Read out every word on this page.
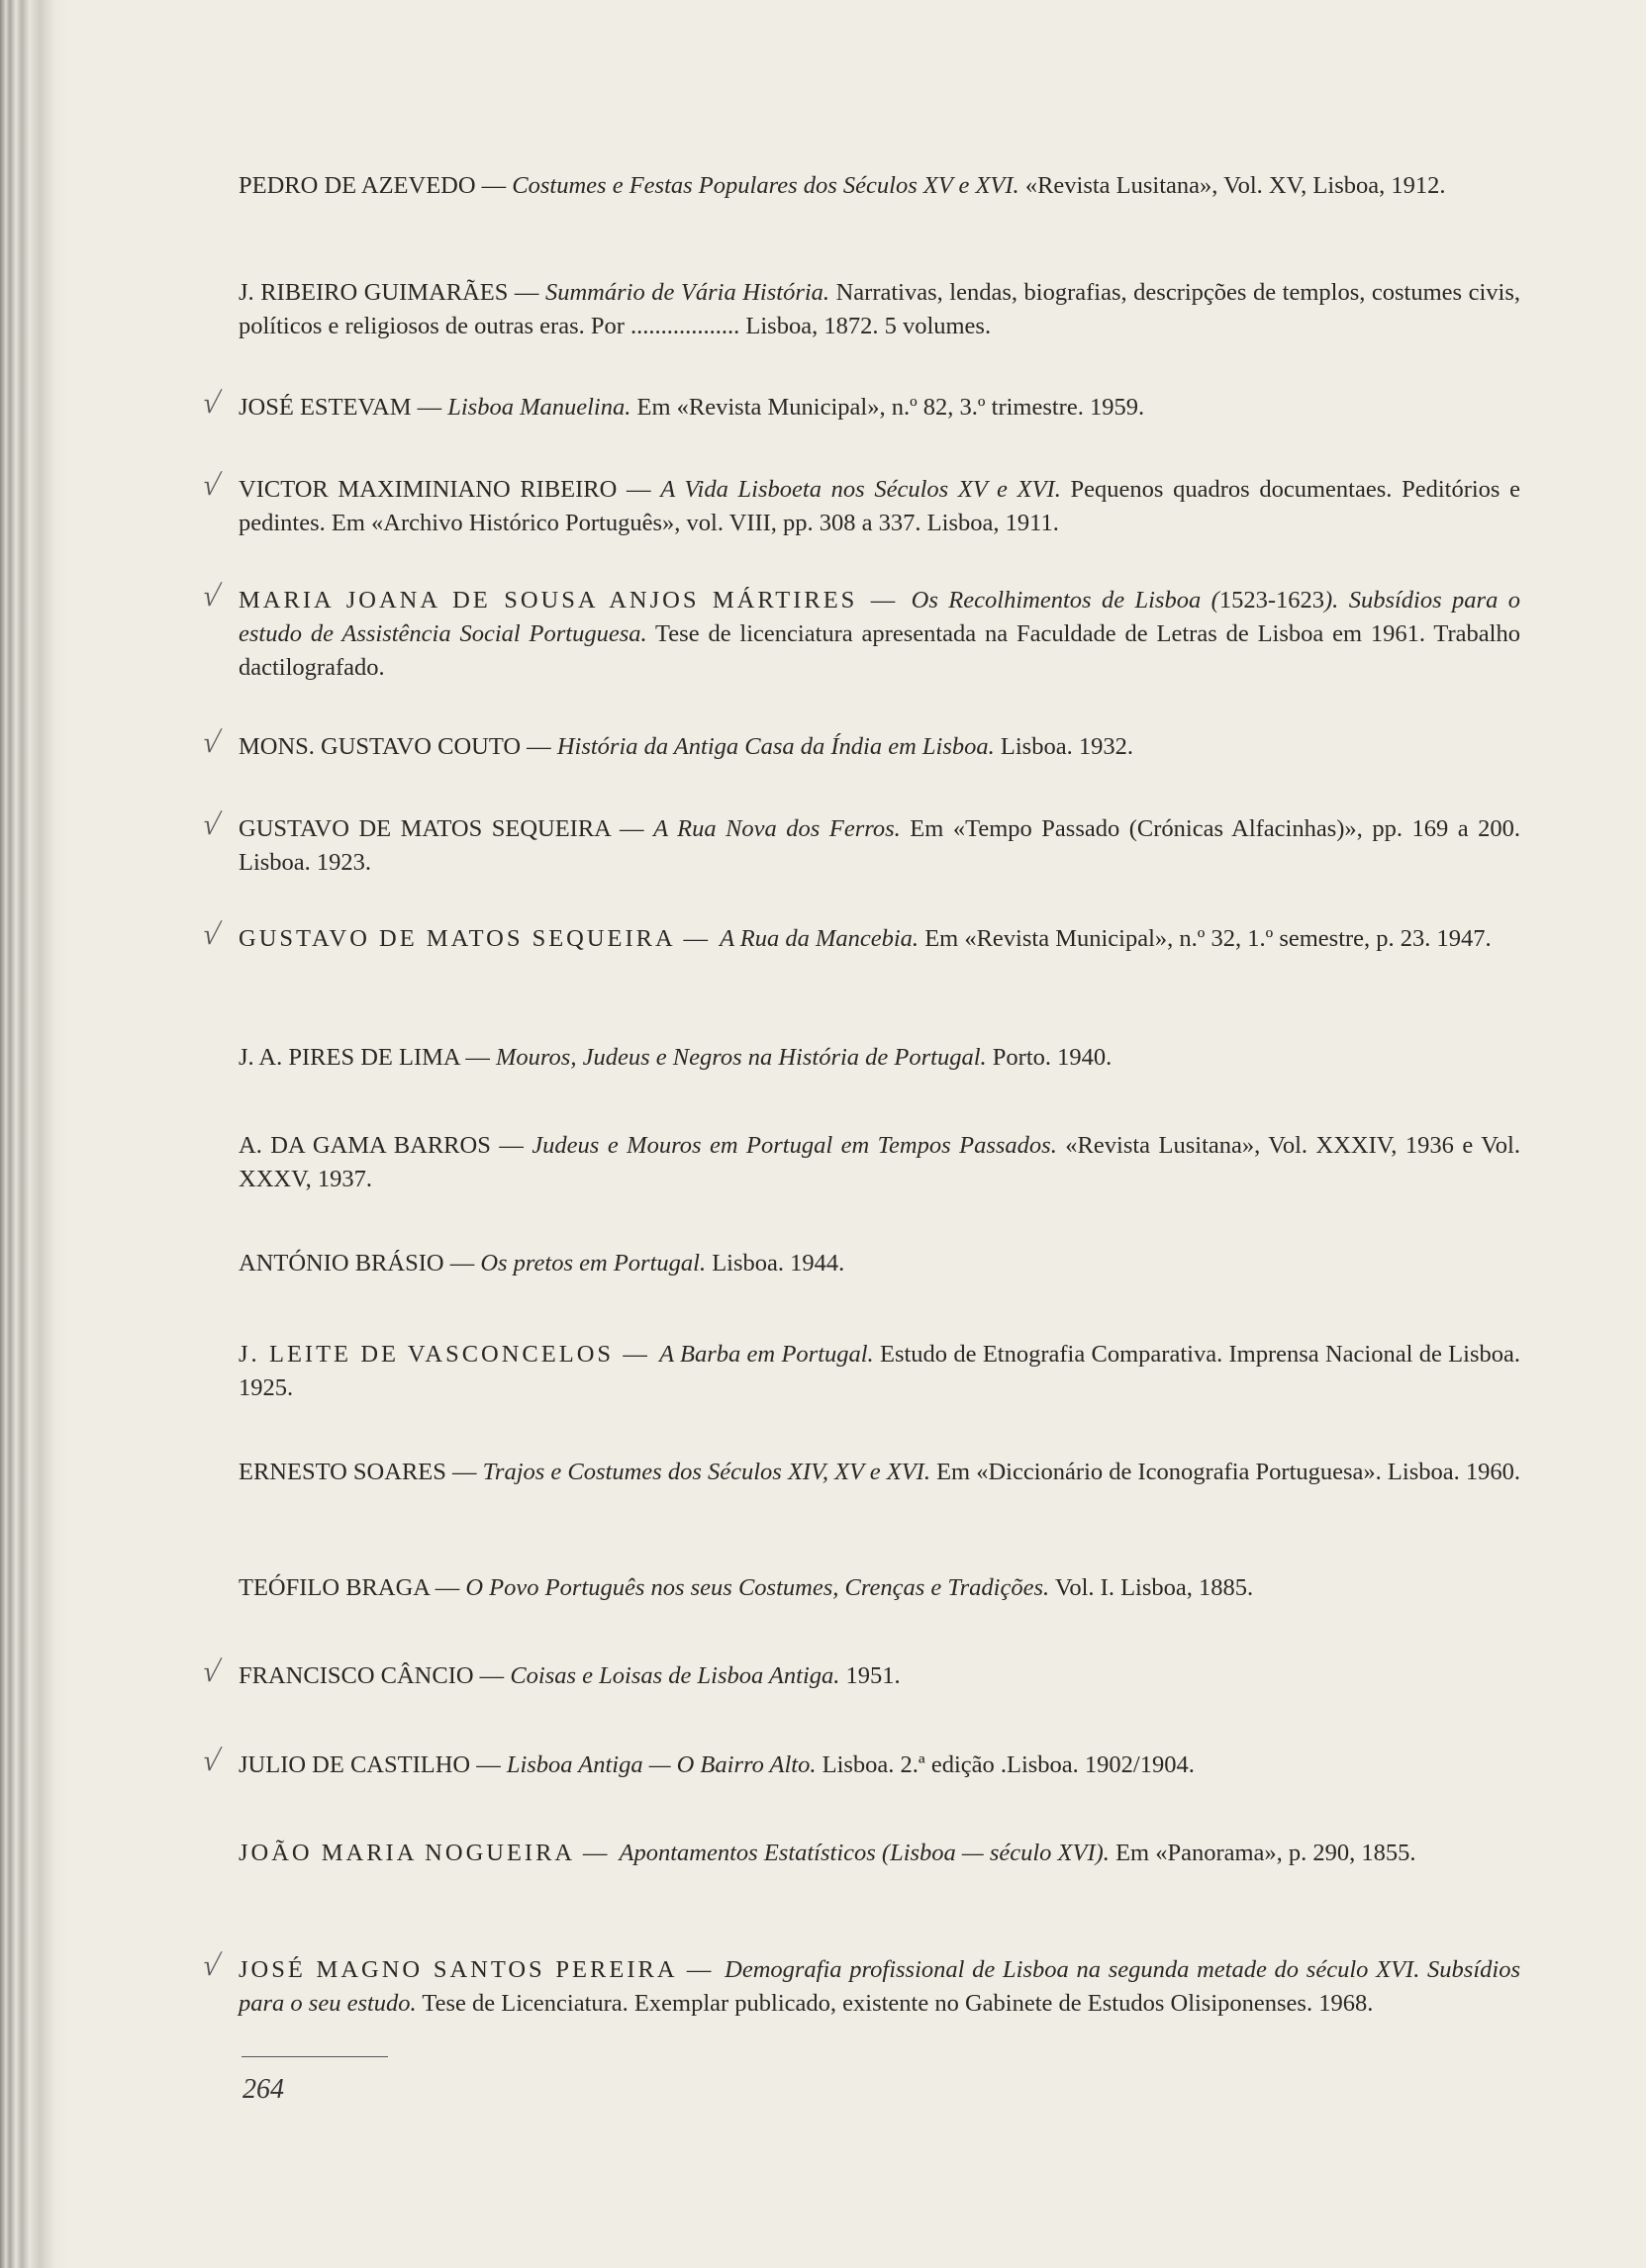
PEDRO DE AZEVEDO — Costumes e Festas Populares dos Séculos XV e XVI. «Revista Lusitana», Vol. XV, Lisboa, 1912.
J. RIBEIRO GUIMARÃES — Summário de Vária História. Narrativas, lendas, biografias, descripções de templos, costumes civis, políticos e religiosos de outras eras. Por .................. Lisboa, 1872. 5 volumes.
√ JOSÉ ESTEVAM — Lisboa Manuelina. Em «Revista Municipal», n.º 82, 3.º trimestre. 1959.
√ VICTOR MAXIMINIANO RIBEIRO — A Vida Lisboeta nos Séculos XV e XVI. Pequenos quadros documentaes. Peditórios e pedintes. Em «Archivo Histórico Português», vol. VIII, pp. 308 a 337. Lisboa, 1911.
√ MARIA JOANA DE SOUSA ANJOS MÁRTIRES — Os Recolhimentos de Lisboa (1523-1623). Subsídios para o estudo de Assistência Social Portuguesa. Tese de licenciatura apresentada na Faculdade de Letras de Lisboa em 1961. Trabalho dactilografado.
√ MONS. GUSTAVO COUTO — História da Antiga Casa da Índia em Lisboa. Lisboa. 1932.
√ GUSTAVO DE MATOS SEQUEIRA — A Rua Nova dos Ferros. Em «Tempo Passado (Crónicas Alfacinhas)», pp. 169 a 200. Lisboa. 1923.
√ GUSTAVO DE MATOS SEQUEIRA — A Rua da Mancebia. Em «Revista Municipal», n.º 32, 1.º semestre, p. 23. 1947.
J. A. PIRES DE LIMA — Mouros, Judeus e Negros na História de Portugal. Porto. 1940.
A. DA GAMA BARROS — Judeus e Mouros em Portugal em Tempos Passados. «Revista Lusitana», Vol. XXXIV, 1936 e Vol. XXXV, 1937.
ANTÓNIO BRÁSIO — Os pretos em Portugal. Lisboa. 1944.
J. LEITE DE VASCONCELOS — A Barba em Portugal. Estudo de Etnografia Comparativa. Imprensa Nacional de Lisboa. 1925.
ERNESTO SOARES — Trajos e Costumes dos Séculos XIV, XV e XVI. Em «Diccionário de Iconografia Portuguesa». Lisboa. 1960.
TEÓFILO BRAGA — O Povo Português nos seus Costumes, Crenças e Tradições. Vol. I. Lisboa, 1885.
√ FRANCISCO CÂNCIO — Coisas e Loisas de Lisboa Antiga. 1951.
√ JULIO DE CASTILHO — Lisboa Antiga — O Bairro Alto. Lisboa. 2.ª edição .Lisboa. 1902/1904.
JOÃO MARIA NOGUEIRA — Apontamentos Estatísticos (Lisboa — século XVI). Em «Panorama», p. 290, 1855.
√ JOSÉ MAGNO SANTOS PEREIRA — Demografia profissional de Lisboa na segunda metade do século XVI. Subsídios para o seu estudo. Tese de Licenciatura. Exemplar publicado, existente no Gabinete de Estudos Olisiponenses. 1968.
264
